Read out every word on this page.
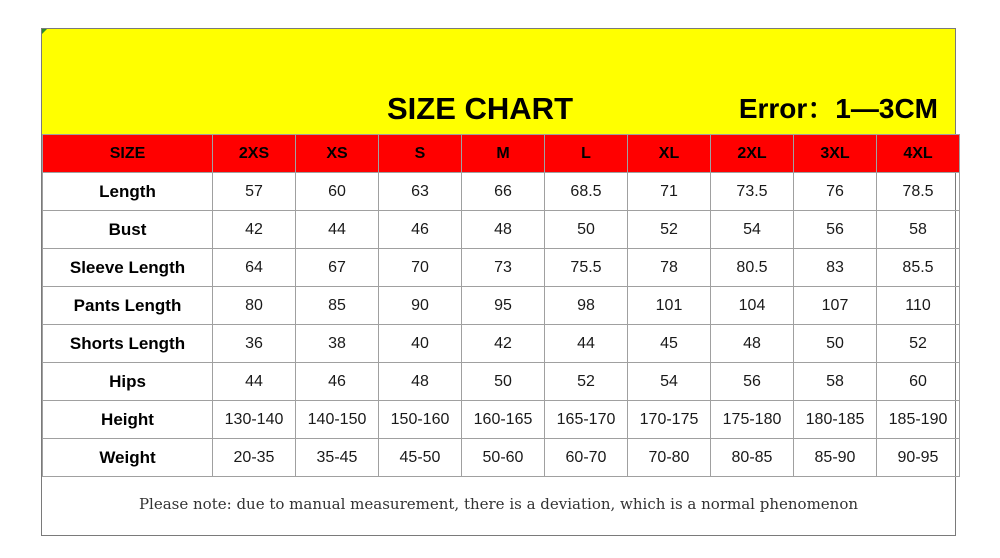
SIZE CHART	Error：1—3CM
SIZE	2XS	XS	S	M	L	XL	2XL	3XL	4XL
Length	57	60	63	66	68.5	71	73.5	76	78.5
Bust	42	44	46	48	50	52	54	56	58
Sleeve Length	64	67	70	73	75.5	78	80.5	83	85.5
Pants Length	80	85	90	95	98	101	104	107	110
Shorts Length	36	38	40	42	44	45	48	50	52
Hips	44	46	48	50	52	54	56	58	60
Height	130-140	140-150	150-160	160-165	165-170	170-175	175-180	180-185	185-190
Weight	20-35	35-45	45-50	50-60	60-70	70-80	80-85	85-90	90-95
Please note: due to manual measurement, there is a deviation, which is a normal phenomenon
